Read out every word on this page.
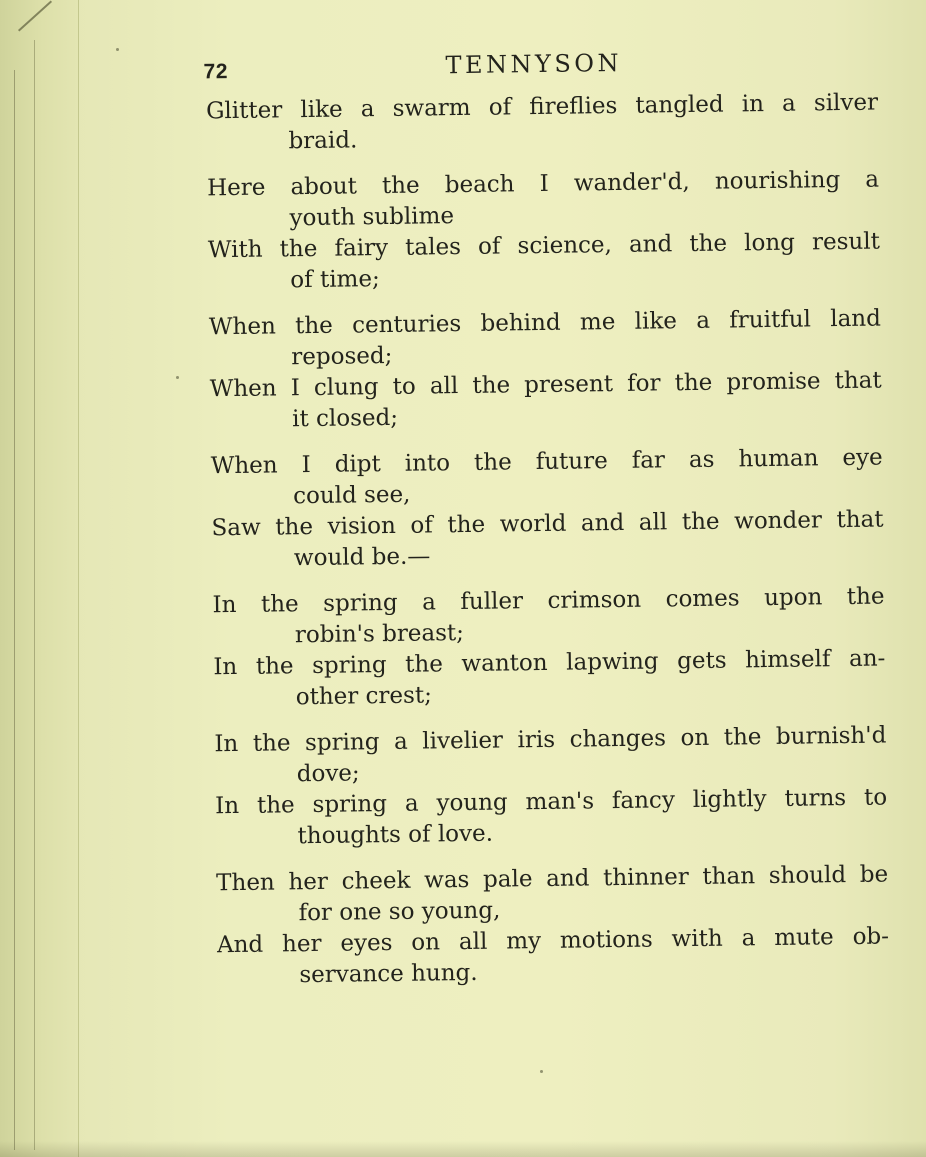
72	TENNYSON
Glitter like a swarm of fireflies tangled in a silver
braid.
Here about the beach I wander'd, nourishing a
youth sublime
With the fairy tales of science, and the long result
of time;
When the centuries behind me like a fruitful land
reposed;
When I clung to all the present for the promise that
it closed;
When I dipt into the future far as human eye
could see,
Saw the vision of the world and all the wonder that
would be.—
In the spring a fuller crimson comes upon the
robin's breast;
In the spring the wanton lapwing gets himself an-
other crest;
In the spring a livelier iris changes on the burnish'd
dove;
In the spring a young man's fancy lightly turns to
thoughts of love.
Then her cheek was pale and thinner than should be
for one so young,
And her eyes on all my motions with a mute ob-
servance hung.
